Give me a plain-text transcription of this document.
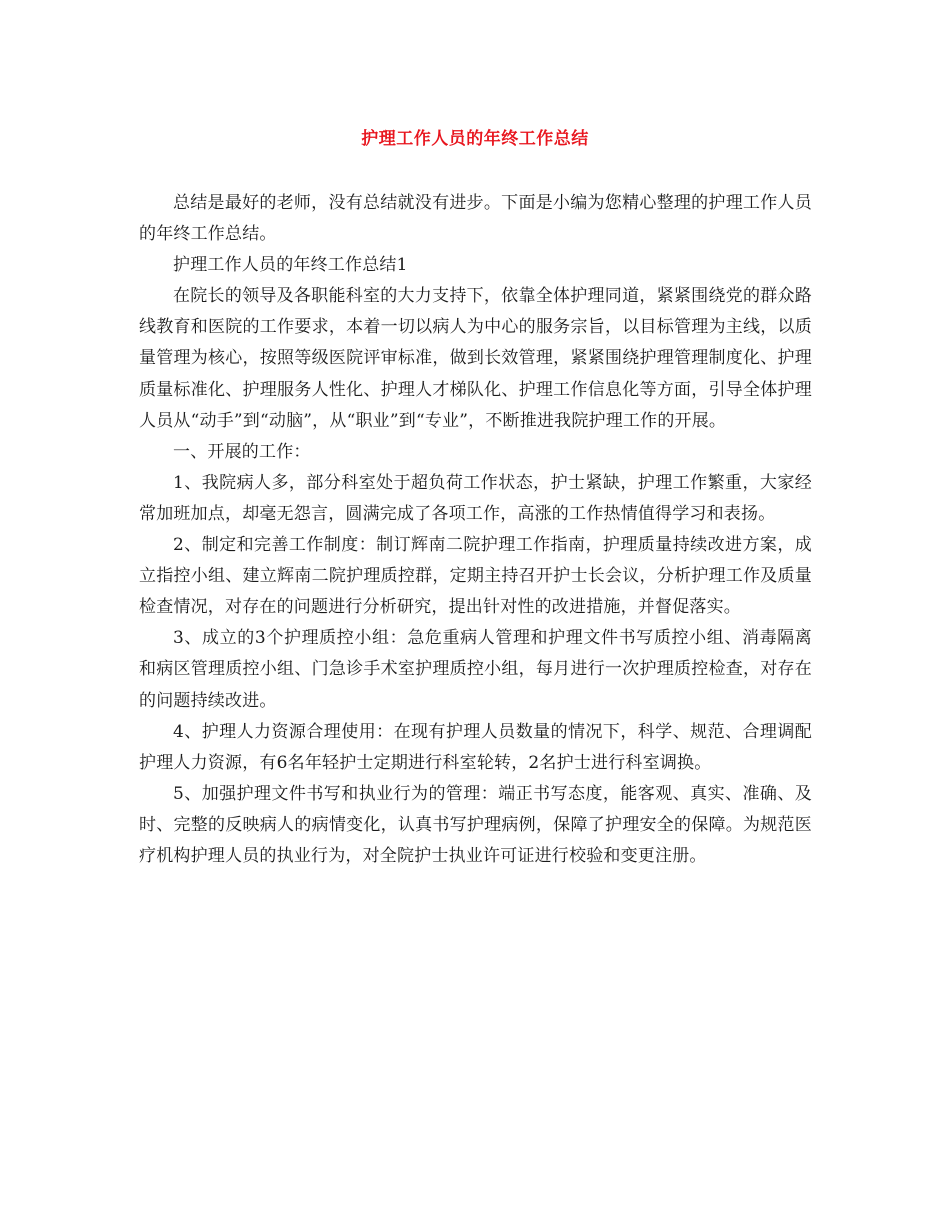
护理工作人员的年终工作总结

总结是最好的老师，没有总结就没有进步。下面是小编为您精心整理的护理工作人员的年终工作总结。

护理工作人员的年终工作总结1

在院长的领导及各职能科室的大力支持下，依靠全体护理同道，紧紧围绕党的群众路线教育和医院的工作要求，本着一切以病人为中心的服务宗旨，以目标管理为主线，以质量管理为核心，按照等级医院评审标准，做到长效管理，紧紧围绕护理管理制度化、护理质量标准化、护理服务人性化、护理人才梯队化、护理工作信息化等方面，引导全体护理人员从“动手”到“动脑”，从“职业”到“专业”，不断推进我院护理工作的开展。

一、开展的工作：

1、我院病人多，部分科室处于超负荷工作状态，护士紧缺，护理工作繁重，大家经常加班加点，却毫无怨言，圆满完成了各项工作，高涨的工作热情值得学习和表扬。

2、制定和完善工作制度：制订辉南二院护理工作指南，护理质量持续改进方案，成立指控小组、建立辉南二院护理质控群，定期主持召开护士长会议，分析护理工作及质量检查情况，对存在的问题进行分析研究，提出针对性的改进措施，并督促落实。

3、成立的3个护理质控小组：急危重病人管理和护理文件书写质控小组、消毒隔离和病区管理质控小组、门急诊手术室护理质控小组，每月进行一次护理质控检查，对存在的问题持续改进。

4、护理人力资源合理使用：在现有护理人员数量的情况下，科学、规范、合理调配护理人力资源，有6名年轻护士定期进行科室轮转，2名护士进行科室调换。

5、加强护理文件书写和执业行为的管理：端正书写态度，能客观、真实、准确、及时、完整的反映病人的病情变化，认真书写护理病例，保障了护理安全的保障。为规范医疗机构护理人员的执业行为，对全院护士执业许可证进行校验和变更注册。
